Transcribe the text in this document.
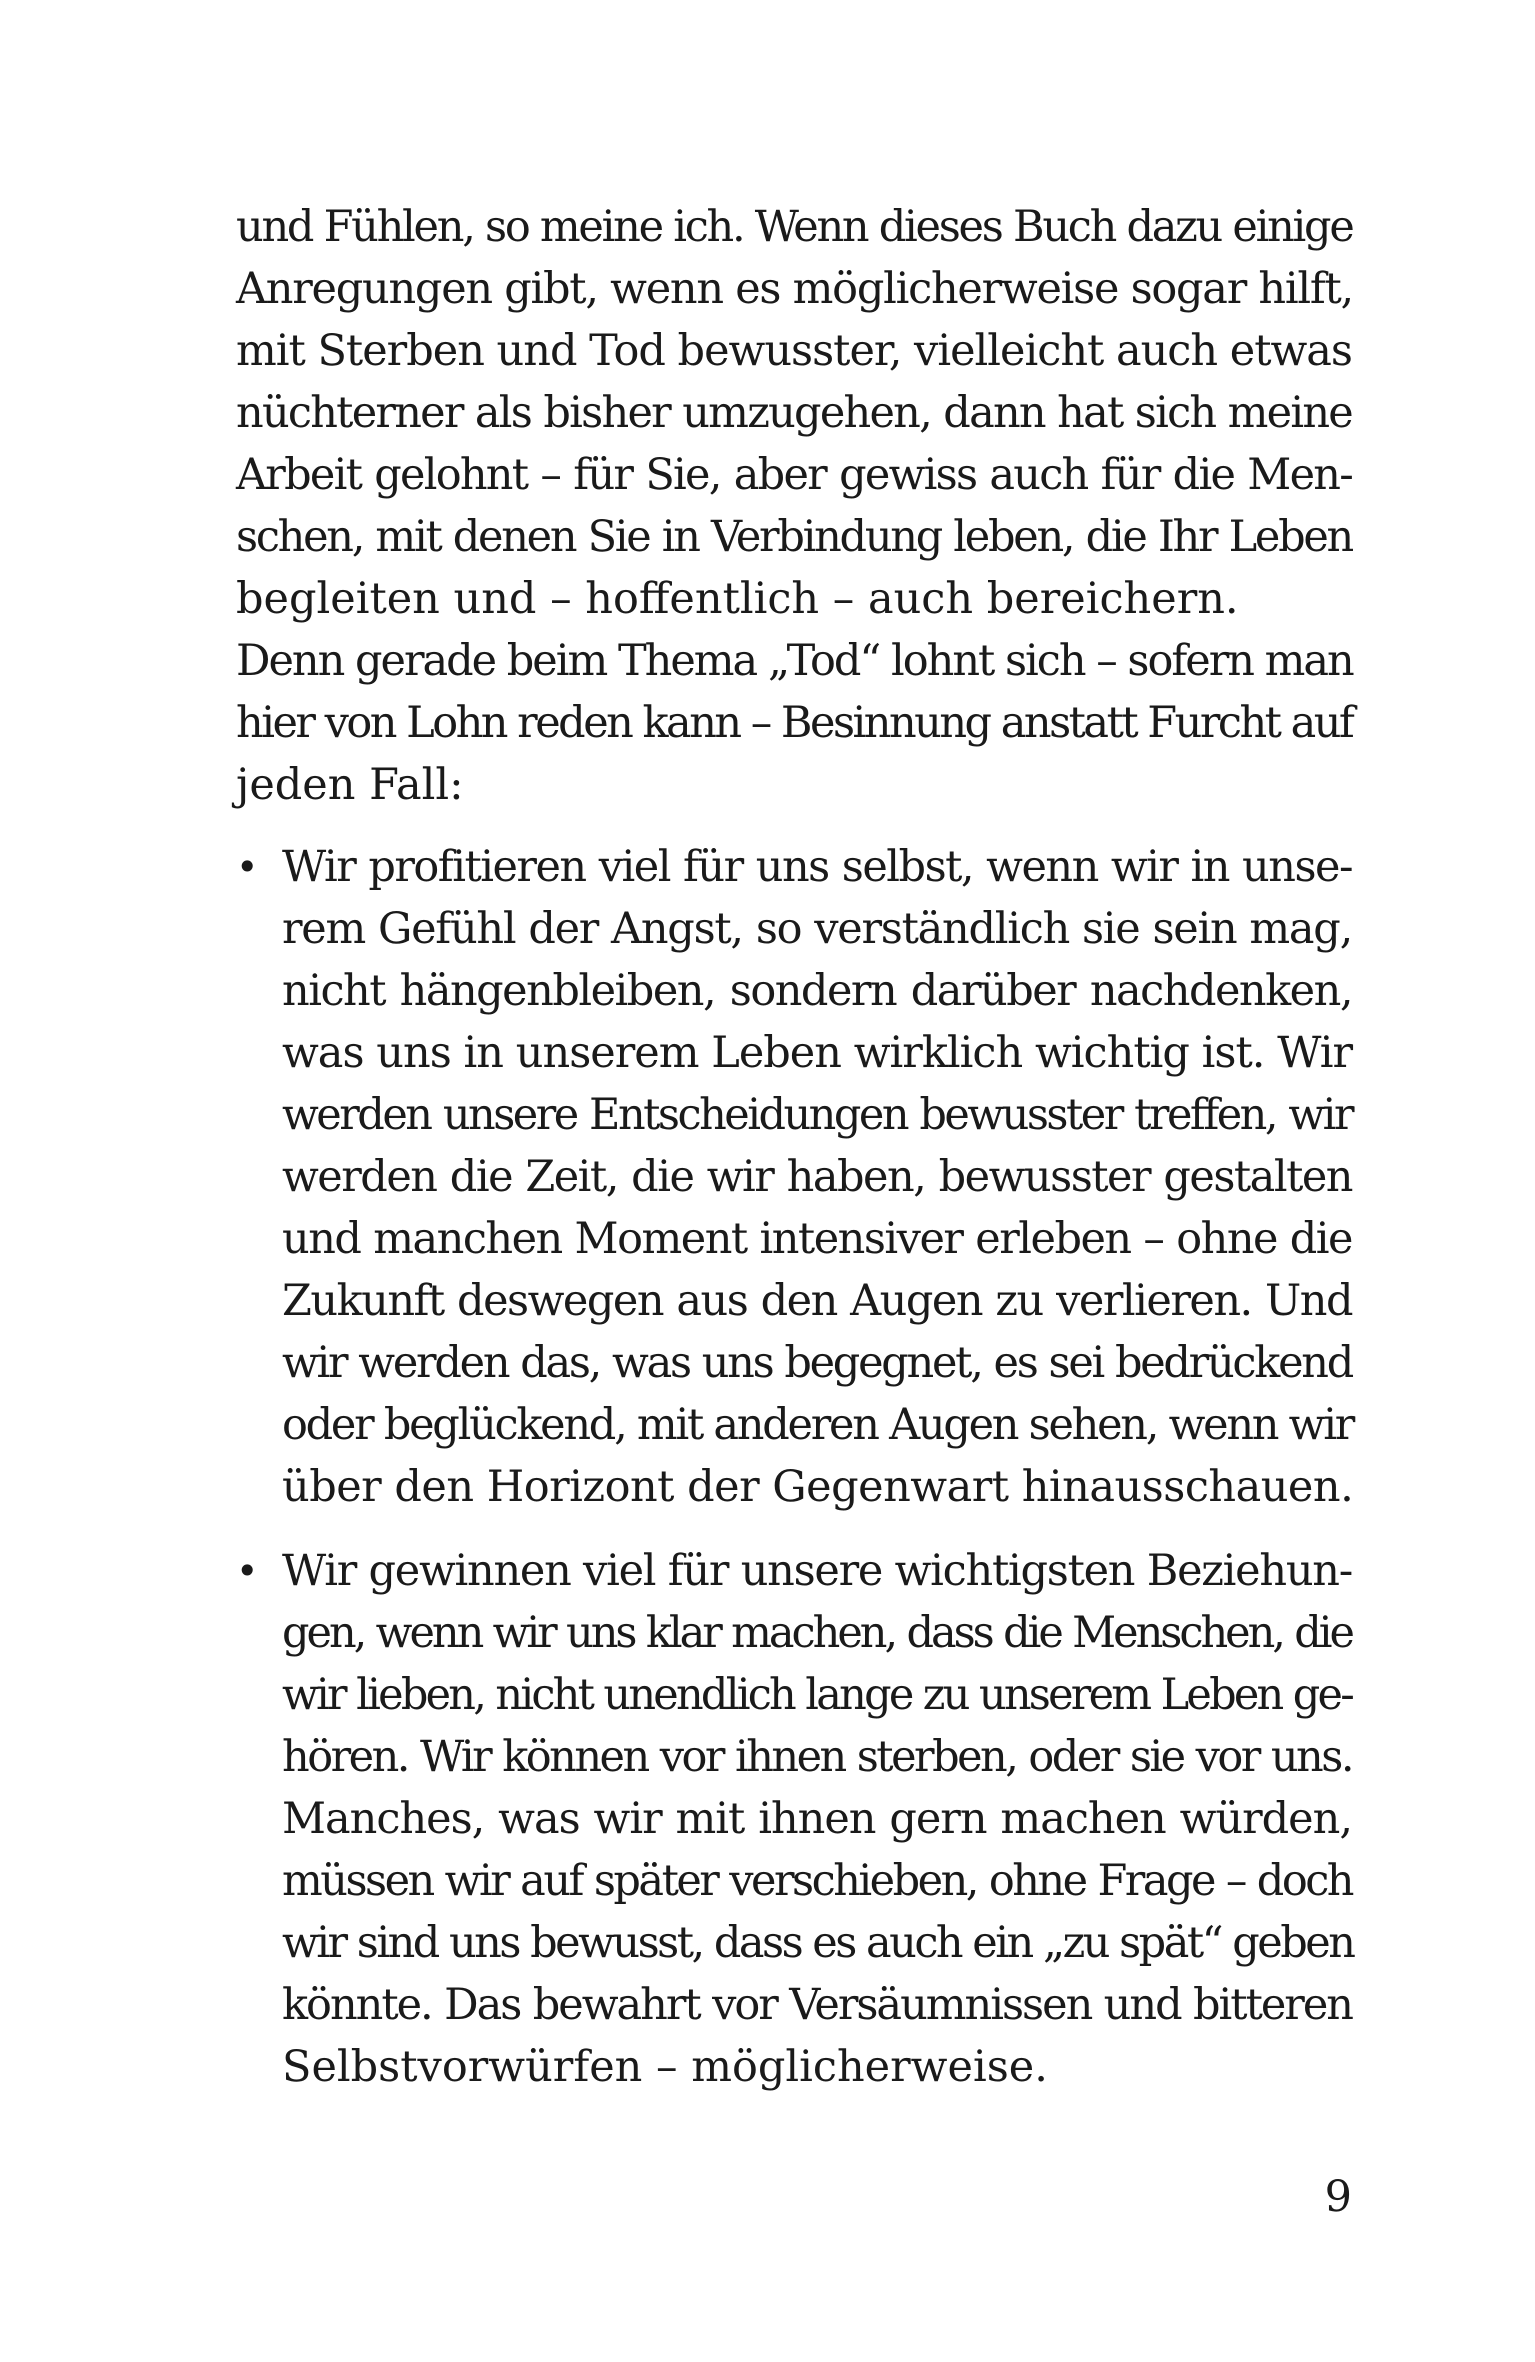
und Fühlen, so meine ich. Wenn dieses Buch dazu einige
Anregungen gibt, wenn es möglicherweise sogar hilft,
mit Sterben und Tod bewusster, vielleicht auch etwas
nüchterner als bisher umzugehen, dann hat sich meine
Arbeit gelohnt – für Sie, aber gewiss auch für die Men-
schen, mit denen Sie in Verbindung leben, die Ihr Leben
begleiten und – hoffentlich – auch bereichern.
Denn gerade beim Thema „Tod“ lohnt sich – sofern man
hier von Lohn reden kann – Besinnung anstatt Furcht auf
jeden Fall:
• Wir profitieren viel für uns selbst, wenn wir in unse-
rem Gefühl der Angst, so verständlich sie sein mag,
nicht hängenbleiben, sondern darüber nachdenken,
was uns in unserem Leben wirklich wichtig ist. Wir
werden unsere Entscheidungen bewusster treffen, wir
werden die Zeit, die wir haben, bewusster gestalten
und manchen Moment intensiver erleben – ohne die
Zukunft deswegen aus den Augen zu verlieren. Und
wir werden das, was uns begegnet, es sei bedrückend
oder beglückend, mit anderen Augen sehen, wenn wir
über den Horizont der Gegenwart hinausschauen.
• Wir gewinnen viel für unsere wichtigsten Beziehun-
gen, wenn wir uns klar machen, dass die Menschen, die
wir lieben, nicht unendlich lange zu unserem Leben ge-
hören. Wir können vor ihnen sterben, oder sie vor uns.
Manches, was wir mit ihnen gern machen würden,
müssen wir auf später verschieben, ohne Frage – doch
wir sind uns bewusst, dass es auch ein „zu spät“ geben
könnte. Das bewahrt vor Versäumnissen und bitteren
Selbstvorwürfen – möglicherweise.
9
